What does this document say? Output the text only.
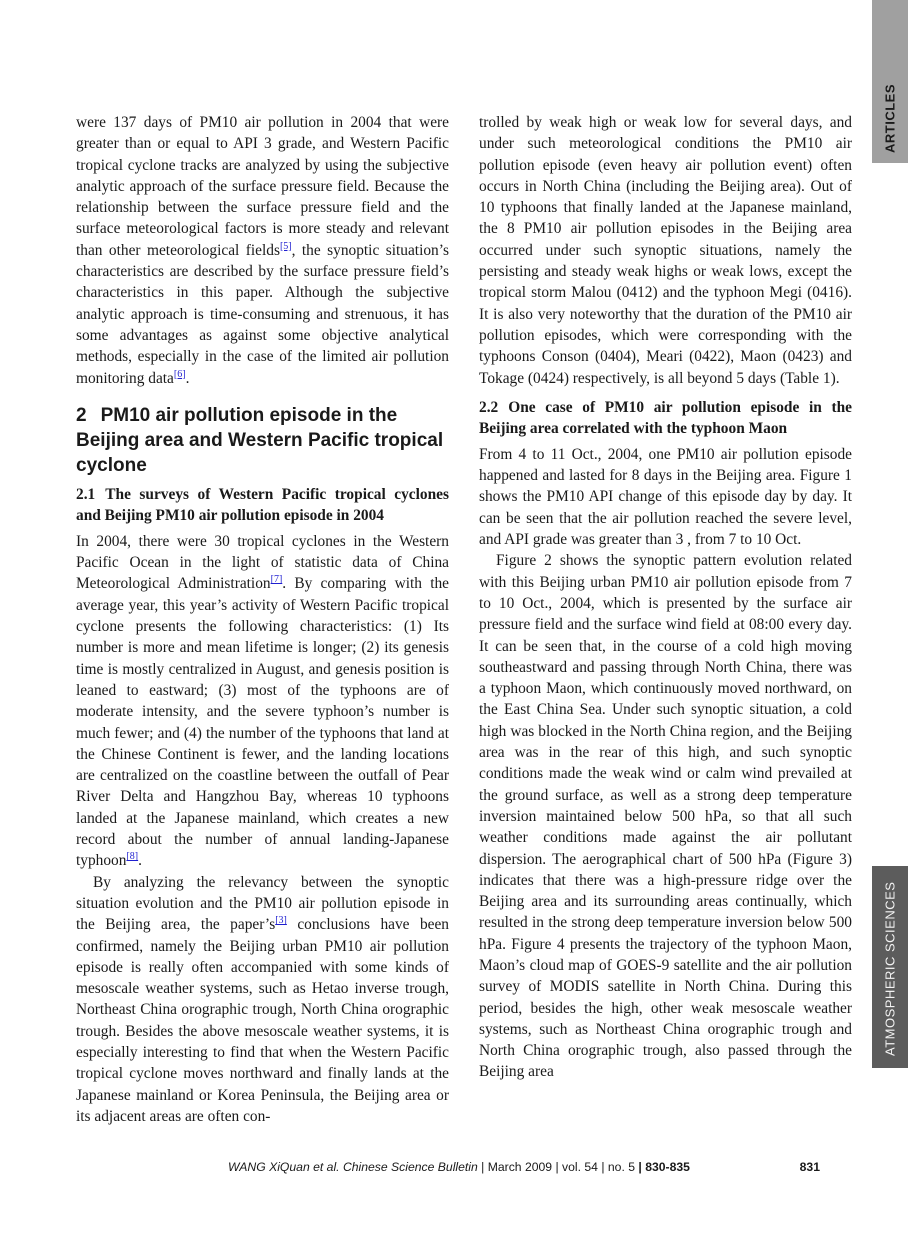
ARTICLES
ATMOSPHERIC SCIENCES

were 137 days of PM10 air pollution in 2004 that were greater than or equal to API 3 grade, and Western Pacific tropical cyclone tracks are analyzed by using the subjective analytic approach of the surface pressure field. Because the relationship between the surface pressure field and the surface meteorological factors is more steady and relevant than other meteorological fields[5], the synoptic situation’s characteristics are described by the surface pressure field’s characteristics in this paper. Although the subjective analytic approach is time-consuming and strenuous, it has some advantages as against some objective analytical methods, especially in the case of the limited air pollution monitoring data[6].

2 PM10 air pollution episode in the Beijing area and Western Pacific tropical cyclone
2.1 The surveys of Western Pacific tropical cyclones and Beijing PM10 air pollution episode in 2004

In 2004, there were 30 tropical cyclones in the Western Pacific Ocean in the light of statistic data of China Meteorological Administration[7]. By comparing with the average year, this year’s activity of Western Pacific tropical cyclone presents the following characteristics: (1) Its number is more and mean lifetime is longer; (2) its genesis time is mostly centralized in August, and genesis position is leaned to eastward; (3) most of the typhoons are of moderate intensity, and the severe typhoon’s number is much fewer; and (4) the number of the typhoons that land at the Chinese Continent is fewer, and the landing locations are centralized on the coastline between the outfall of Pear River Delta and Hangzhou Bay, whereas 10 typhoons landed at the Japanese mainland, which creates a new record about the number of annual landing-Japanese typhoon[8].

By analyzing the relevancy between the synoptic situation evolution and the PM10 air pollution episode in the Beijing area, the paper’s[3] conclusions have been confirmed, namely the Beijing urban PM10 air pollution episode is really often accompanied with some kinds of mesoscale weather systems, such as Hetao inverse trough, Northeast China orographic trough, North China orographic trough. Besides the above mesoscale weather systems, it is especially interesting to find that when the Western Pacific tropical cyclone moves northward and finally lands at the Japanese mainland or Korea Peninsula, the Beijing area or its adjacent areas are often con-

trolled by weak high or weak low for several days, and under such meteorological conditions the PM10 air pollution episode (even heavy air pollution event) often occurs in North China (including the Beijing area). Out of 10 typhoons that finally landed at the Japanese mainland, the 8 PM10 air pollution episodes in the Beijing area occurred under such synoptic situations, namely the persisting and steady weak highs or weak lows, except the tropical storm Malou (0412) and the typhoon Megi (0416). It is also very noteworthy that the duration of the PM10 air pollution episodes, which were corresponding with the typhoons Conson (0404), Meari (0422), Maon (0423) and Tokage (0424) respectively, is all beyond 5 days (Table 1).

2.2 One case of PM10 air pollution episode in the Beijing area correlated with the typhoon Maon

From 4 to 11 Oct., 2004, one PM10 air pollution episode happened and lasted for 8 days in the Beijing area. Figure 1 shows the PM10 API change of this episode day by day. It can be seen that the air pollution reached the severe level, and API grade was greater than 3 , from 7 to 10 Oct.

Figure 2 shows the synoptic pattern evolution related with this Beijing urban PM10 air pollution episode from 7 to 10 Oct., 2004, which is presented by the surface air pressure field and the surface wind field at 08:00 every day. It can be seen that, in the course of a cold high moving southeastward and passing through North China, there was a typhoon Maon, which continuously moved northward, on the East China Sea. Under such synoptic situation, a cold high was blocked in the North China region, and the Beijing area was in the rear of this high, and such synoptic conditions made the weak wind or calm wind prevailed at the ground surface, as well as a strong deep temperature inversion maintained below 500 hPa, so that all such weather conditions made against the air pollutant dispersion. The aerographical chart of 500 hPa (Figure 3) indicates that there was a high-pressure ridge over the Beijing area and its surrounding areas continually, which resulted in the strong deep temperature inversion below 500 hPa. Figure 4 presents the trajectory of the typhoon Maon, Maon’s cloud map of GOES-9 satellite and the air pollution survey of MODIS satellite in North China. During this period, besides the high, other weak mesoscale weather systems, such as Northeast China orographic trough and North China orographic trough, also passed through the Beijing area

WANG XiQuan et al. Chinese Science Bulletin | March 2009 | vol. 54 | no. 5 | 830-835	831
